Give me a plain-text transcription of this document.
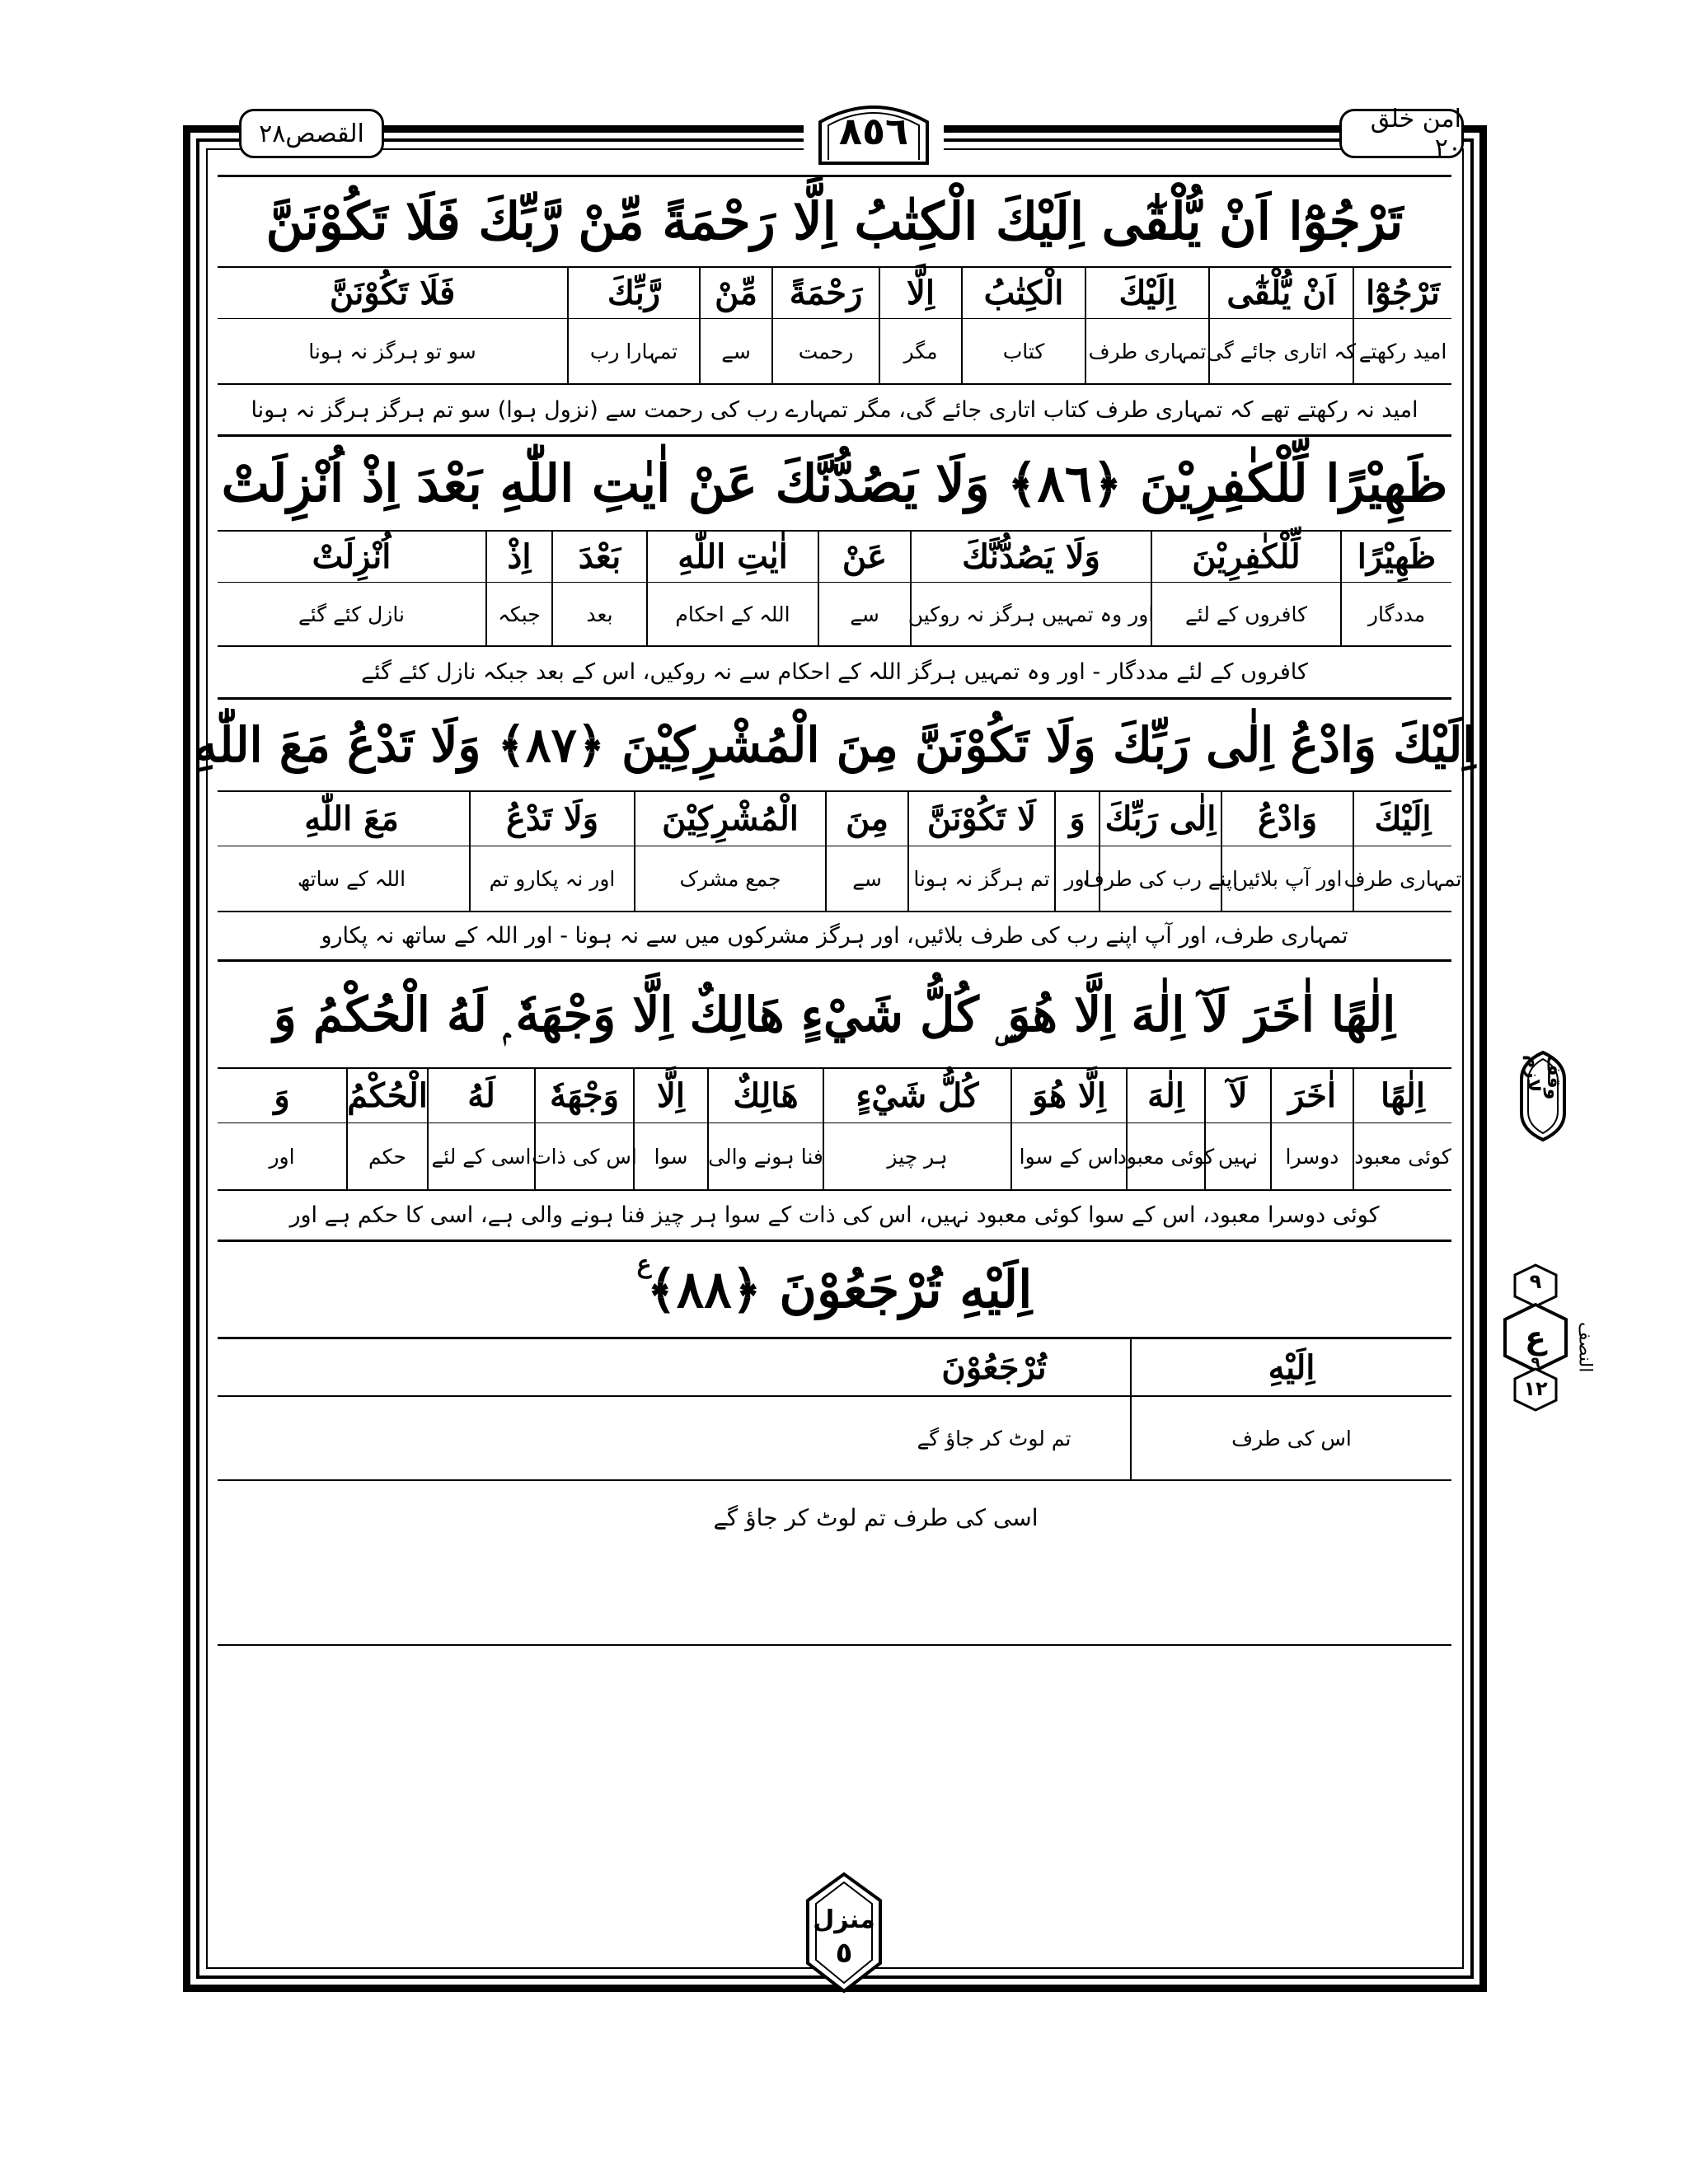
القصص٢٨	٨٥٦	امن خلق ٢٠
تَرْجُوْٓا اَنْ يُّلْقٰٓى اِلَيْكَ الْكِتٰبُ اِلَّا رَحْمَةً مِّنْ رَّبِّكَ فَلَا تَكُوْنَنَّ
تَرْجُوْٓا
اَنْ يُّلْقٰٓى
اِلَيْكَ
الْكِتٰبُ
اِلَّا
رَحْمَةً
مِّنْ
رَّبِّكَ
فَلَا تَكُوْنَنَّ
امید رکھتے
کہ اتاری جائے گی
تمہاری طرف
کتاب
مگر
رحمت
سے
تمہارا رب
سو تو ہرگز نہ ہونا
امید نہ رکھتے تھے کہ تمہاری طرف کتاب اتاری جائے گی، مگر تمہارے رب کی رحمت سے (نزول ہوا) سو تم ہرگز ہرگز نہ ہونا
ظَهِيْرًا لِّلْكٰفِرِيْنَ ﴿٨٦﴾ وَلَا يَصُدُّنَّكَ عَنْ اٰيٰتِ اللّٰهِ بَعْدَ اِذْ اُنْزِلَتْ
ظَهِيْرًا
لِّلْكٰفِرِيْنَ
وَلَا يَصُدُّنَّكَ
عَنْ
اٰيٰتِ اللّٰهِ
بَعْدَ
اِذْ
اُنْزِلَتْ
مددگار
کافروں کے لئے
اور وہ تمہیں ہرگز نہ روکیں
سے
اللہ کے احکام
بعد
جبکہ
نازل کئے گئے
کافروں کے لئے مددگار - اور وہ تمہیں ہرگز اللہ کے احکام سے نہ روکیں، اس کے بعد جبکہ نازل کئے گئے
اِلَيْكَ وَادْعُ اِلٰى رَبِّكَ وَلَا تَكُوْنَنَّ مِنَ الْمُشْرِكِيْنَ ﴿٨٧﴾ وَلَا تَدْعُ مَعَ اللّٰهِ
اِلَيْكَ
وَادْعُ
اِلٰى رَبِّكَ
وَ
لَا تَكُوْنَنَّ
مِنَ
الْمُشْرِكِيْنَ
وَلَا تَدْعُ
مَعَ اللّٰهِ
تمہاری طرف
اور آپ بلائیں
اپنے رب کی طرف
اور
تم ہرگز نہ ہونا
سے
جمع مشرک
اور نہ پکارو تم
اللہ کے ساتھ
تمہاری طرف، اور آپ اپنے رب کی طرف بلائیں، اور ہرگز مشرکوں میں سے نہ ہونا - اور اللہ کے ساتھ نہ پکارو
اِلٰهًا اٰخَرَ لَآ اِلٰهَ اِلَّا هُوَ ۣ كُلُّ شَيْءٍ هَالِكٌ اِلَّا وَجْهَهٗ ۭ لَهُ الْحُكْمُ وَ
اِلٰهًا
اٰخَرَ
لَآ
اِلٰهَ
اِلَّا هُوَ
كُلُّ شَيْءٍ
هَالِكٌ
اِلَّا
وَجْهَهٗ
لَهُ
الْحُكْمُ
وَ
کوئی معبود
دوسرا
نہیں
کوئی معبود
اس کے سوا
ہر چیز
فنا ہونے والی
سوا
اس کی ذات
اسی کے لئے
حکم
اور
کوئی دوسرا معبود، اس کے سوا کوئی معبود نہیں، اس کی ذات کے سوا ہر چیز فنا ہونے والی ہے، اسی کا حکم ہے اور
اِلَيْهِ تُرْجَعُوْنَ ﴿٨٨﴾
ع
اِلَيْهِ
تُرْجَعُوْنَ
اس کی طرف
تم لوٹ کر جاؤ گے
اسی کی طرف تم لوٹ کر جاؤ گے
وقف لازم
٩
ع
٩
١٢
النصف
منزل
٥
